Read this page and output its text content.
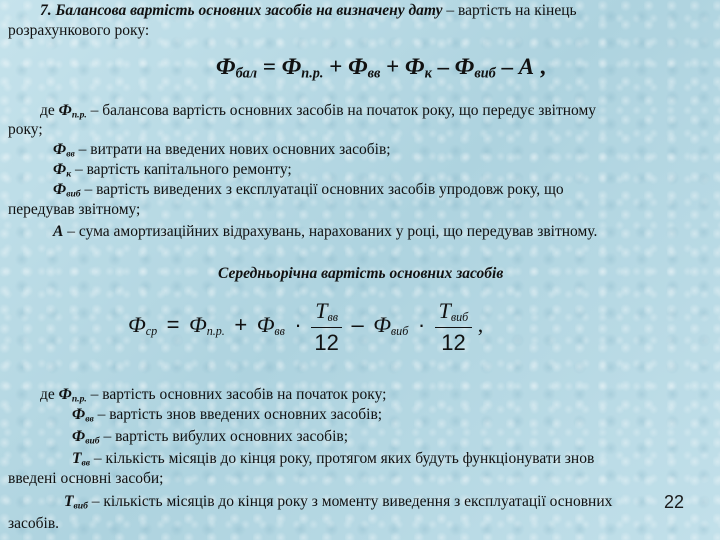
7. Балансова вартість основних засобів на визначену дату – вартість на кінець
розрахункового року:
$Ф_{бал} = Ф_{п.р.} + Ф_{вв} + Ф_к - Ф_{виб} - А$ ,
де $Ф_{п.р.}$ – балансова вартість основних засобів на початок року, що передує звітному
року;
$Ф_{вв}$ – витрати на введених нових основних засобів;
$Ф_к$ – вартість капітального ремонту;
$Ф_{виб}$ – вартість виведених з експлуатації основних засобів упродовж року, що
передував звітному;
А – сума амортизаційних відрахувань, нарахованих у році, що передував звітному.
Середньорічна вартість основних засобів
$Ф_{ср} = Ф_{п.р.} + Ф_{вв} \cdot \frac{Т_{вв}}{12} - Ф_{виб} \cdot \frac{Т_{виб}}{12}$ ,
де $Ф_{п.р.}$ – вартість основних засобів на початок року;
$Ф_{вв}$ – вартість знов введених основних засобів;
$Ф_{виб}$ – вартість вибулих основних засобів;
$Т_{вв}$ – кількість місяців до кінця року, протягом яких будуть функціонувати знов
введені основні засоби;
$Т_{виб}$ – кількість місяців до кінця року з моменту виведення з експлуатації основних
засобів.
22
